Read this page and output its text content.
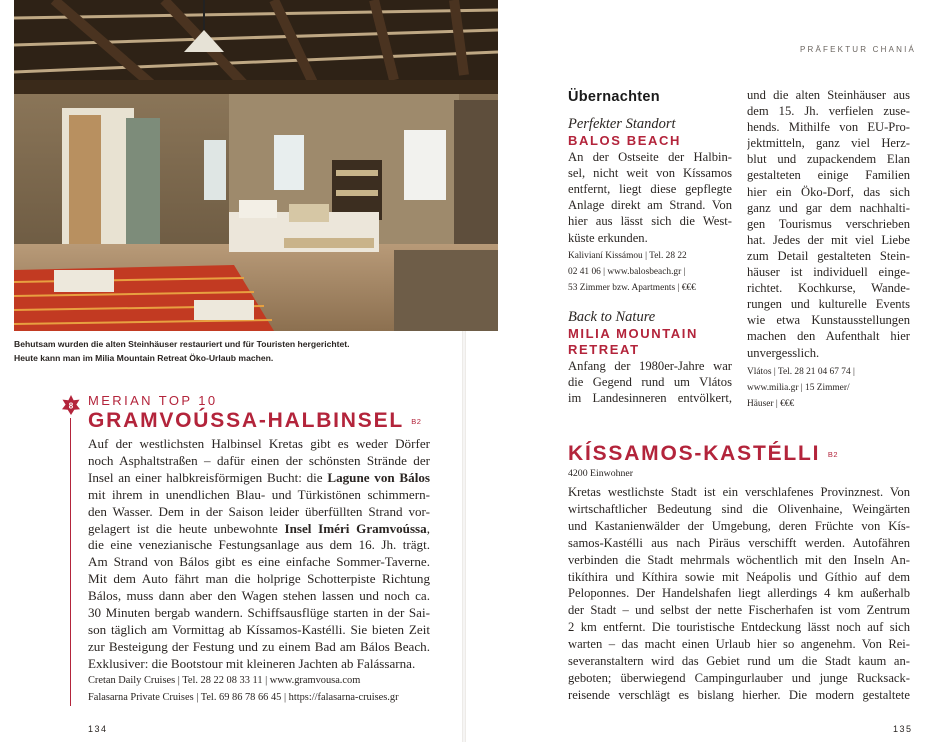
Behutsam wurden die alten Steinhäuser restauriert und für Touristen hergerichtet.
Heute kann man im Milia Mountain Retreat Öko-Urlaub machen.
8 MERIAN TOP 10
GRAMVOÚSSA-HALBINSEL B2
Auf der westlichsten Halbinsel Kretas gibt es weder Dörfer
noch Asphaltstraßen – dafür einen der schönsten Strände der
Insel an einer halbkreisförmigen Bucht: die Lagune von Bálos
mit ihrem in unendlichen Blau- und Türkistönen schimmern-
den Wasser. Dem in der Saison leider überfüllten Strand vor-
gelagert ist die heute unbewohnte Insel Iméri Gramvoússa,
die eine venezianische Festungsanlage aus dem 16. Jh. trägt.
Am Strand von Bálos gibt es eine einfache Sommer-Taverne.
Mit dem Auto fährt man die holprige Schotterpiste Richtung
Bálos, muss dann aber den Wagen stehen lassen und noch ca.
30 Minuten bergab wandern. Schiffsausflüge starten in der Sai-
son täglich am Vormittag ab Kíssamos-Kastélli. Sie bieten Zeit
zur Besteigung der Festung und zu einem Bad am Bálos Beach.
Exklusiver: die Bootstour mit kleineren Jachten ab Falássarna.
Cretan Daily Cruises | Tel. 28 22 08 33 11 | www.gramvousa.com
Falasarna Private Cruises | Tel. 69 86 78 66 45 | https://falasarna-cruises.gr
134
PRÄFEKTUR CHANIÁ
Übernachten
Perfekter Standort
BALOS BEACH
An der Ostseite der Halbin-
sel, nicht weit von Kíssamos
entfernt, liegt diese gepflegte
Anlage direkt am Strand. Von
hier aus lässt sich die West-
küste erkunden.
Kalivianí Kissámou | Tel. 28 22
02 41 06 | www.balosbeach.gr |
53 Zimmer bzw. Apartments | €€€
Back to Nature
MILIA MOUNTAIN
RETREAT
Anfang der 1980er-Jahre war
die Gegend rund um Vlátos
im Landesinneren entvölkert,
und die alten Steinhäuser aus
dem 15. Jh. verfielen zuse-
hends. Mithilfe von EU-Pro-
jektmitteln, ganz viel Herz-
blut und zupackendem Elan
gestalteten einige Familien
hier ein Öko-Dorf, das sich
ganz und gar dem nachhalti-
gen Tourismus verschrieben
hat. Jedes der mit viel Liebe
zum Detail gestalteten Stein-
häuser ist individuell einge-
richtet. Kochkurse, Wande-
rungen und kulturelle Events
wie etwa Kunstausstellungen
machen den Aufenthalt hier
unvergesslich.
Vlátos | Tel. 28 21 04 67 74 |
www.milia.gr | 15 Zimmer/
Häuser | €€€
KÍSSAMOS-KASTÉLLI B2
4200 Einwohner
Kretas westlichste Stadt ist ein verschlafenes Provinznest. Von
wirtschaftlicher Bedeutung sind die Olivenhaine, Weingärten
und Kastanienwälder der Umgebung, deren Früchte von Kís-
samos-Kastélli aus nach Piräus verschifft werden. Autofähren
verbinden die Stadt mehrmals wöchentlich mit den Inseln An-
tikíthira und Kíthira sowie mit Neápolis und Gíthio auf dem
Peloponnes. Der Handelshafen liegt allerdings 4 km außerhalb
der Stadt – und selbst der nette Fischerhafen ist vom Zentrum
2 km entfernt. Die touristische Entdeckung lässt noch auf sich
warten – das macht einen Urlaub hier so angenehm. Von Rei-
severanstaltern wird das Gebiet rund um die Stadt kaum an-
geboten; überwiegend Campingurlauber und junge Rucksack-
reisende verschlägt es bislang hierher. Die modern gestaltete
135
